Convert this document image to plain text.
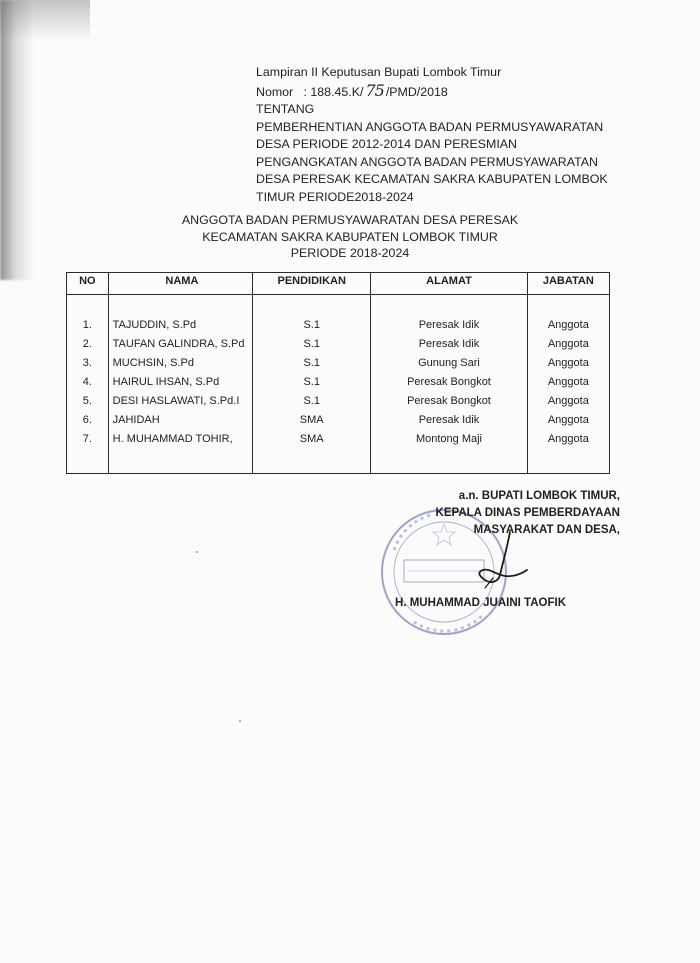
Lampiran II Keputusan Bupati Lombok Timur
Nomor : 188.45.K/ 75 /PMD/2018
TENTANG
PEMBERHENTIAN ANGGOTA BADAN PERMUSYAWARATAN
DESA PERIODE 2012-2014 DAN PERESMIAN
PENGANGKATAN ANGGOTA BADAN PERMUSYAWARATAN
DESA PERESAK KECAMATAN SAKRA KABUPATEN LOMBOK
TIMUR PERIODE2018-2024
ANGGOTA BADAN PERMUSYAWARATAN DESA PERESAK
KECAMATAN SAKRA KABUPATEN LOMBOK TIMUR
PERIODE 2018-2024
NO	NAMA	PENDIDIKAN	ALAMAT	JABATAN

1.	TAJUDDIN, S.Pd	S.1	Peresak Idik	Anggota
2.	TAUFAN GALINDRA, S.Pd	S.1	Peresak Idik	Anggota
3.	MUCHSIN, S.Pd	S.1	Gunung Sari	Anggota
4.	HAIRUL IHSAN, S.Pd	S.1	Peresak Bongkot	Anggota
5.	DESI HASLAWATI, S.Pd.I	S.1	Peresak Bongkot	Anggota
6.	JAHIDAH	SMA	Peresak Idik	Anggota
7.	H. MUHAMMAD TOHIR,	SMA	Montong Maji	Anggota

a.n. BUPATI LOMBOK TIMUR,
KEPALA DINAS PEMBERDAYAAN
MASYARAKAT DAN DESA,
H. MUHAMMAD JUAINI TAOFIK
